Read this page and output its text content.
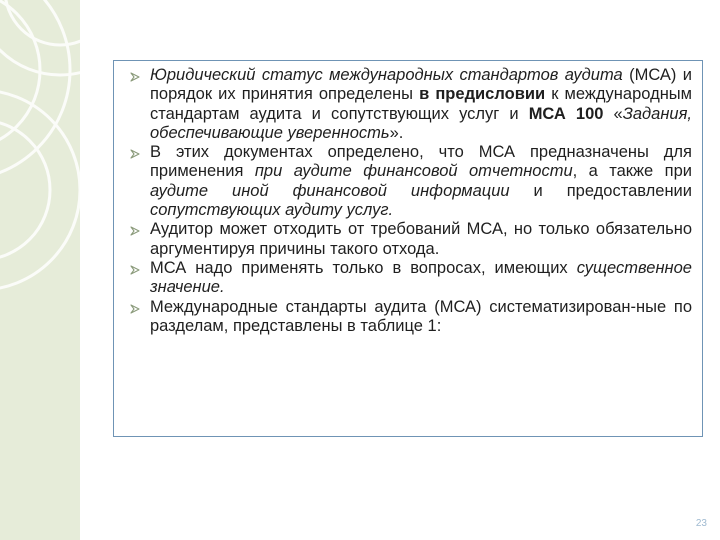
Юридический статус международных стандартов аудита (МСА) и порядок их принятия определены в предисловии к международным стандартам аудита и сопутствующих услуг и МСА 100 «Задания, обеспечивающие уверенность».
В этих документах определено, что МСА предназначены для применения при аудите финансовой отчетности, а также при аудите иной финансовой информации и предоставлении сопутствующих аудиту услуг.
Аудитор может отходить от требований МСА, но только обязательно аргументируя причины такого отхода.
МСА надо применять только в вопросах, имеющих существенное значение.
Международные стандарты аудита (МСА) систематизирован-ные по разделам, представлены в таблице 1:
23
